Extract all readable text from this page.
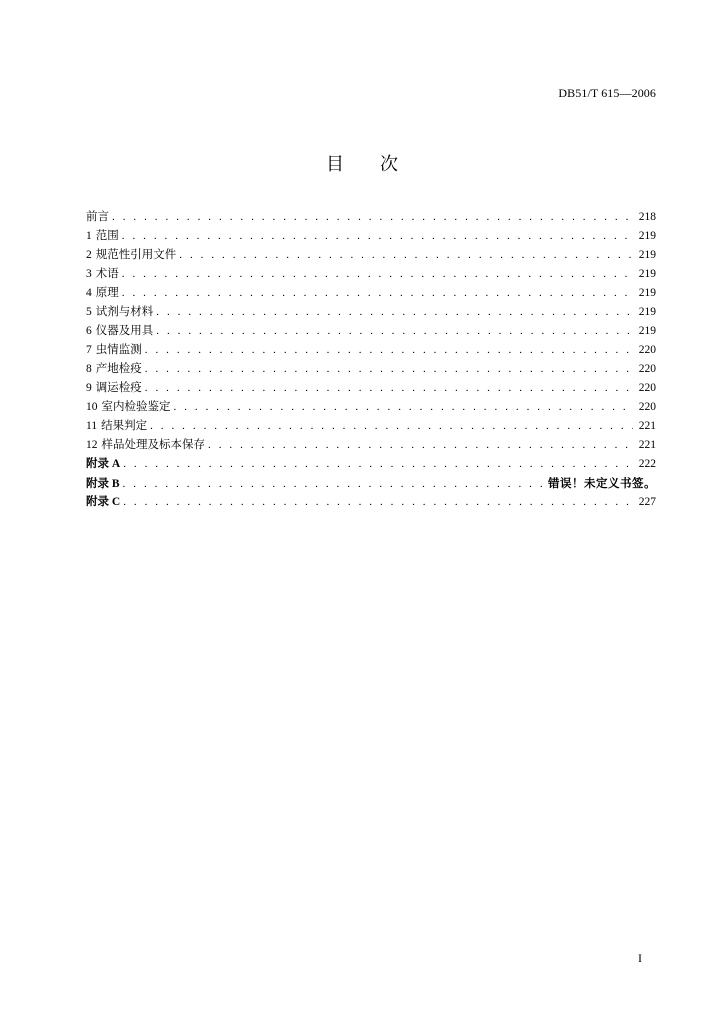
DB51/T 615—2006
目次
前言 . . .	218
1 范围 . . .	219
2 规范性引用文件 . . .	219
3 术语 . . .	219
4 原理 . . .	219
5 试剂与材料 . . .	219
6 仪器及用具 . . .	219
7 虫情监测 . . .	220
8 产地检疫 . . .	220
9 调运检疫 . . .	220
10 室内检验鉴定 . . .	220
11 结果判定 . . .	221
12 样品处理及标本保存 . . .	221
附录 A . . .	222
附录 B . . .	错误！未定义书签。
附录 C . . .	227
I
